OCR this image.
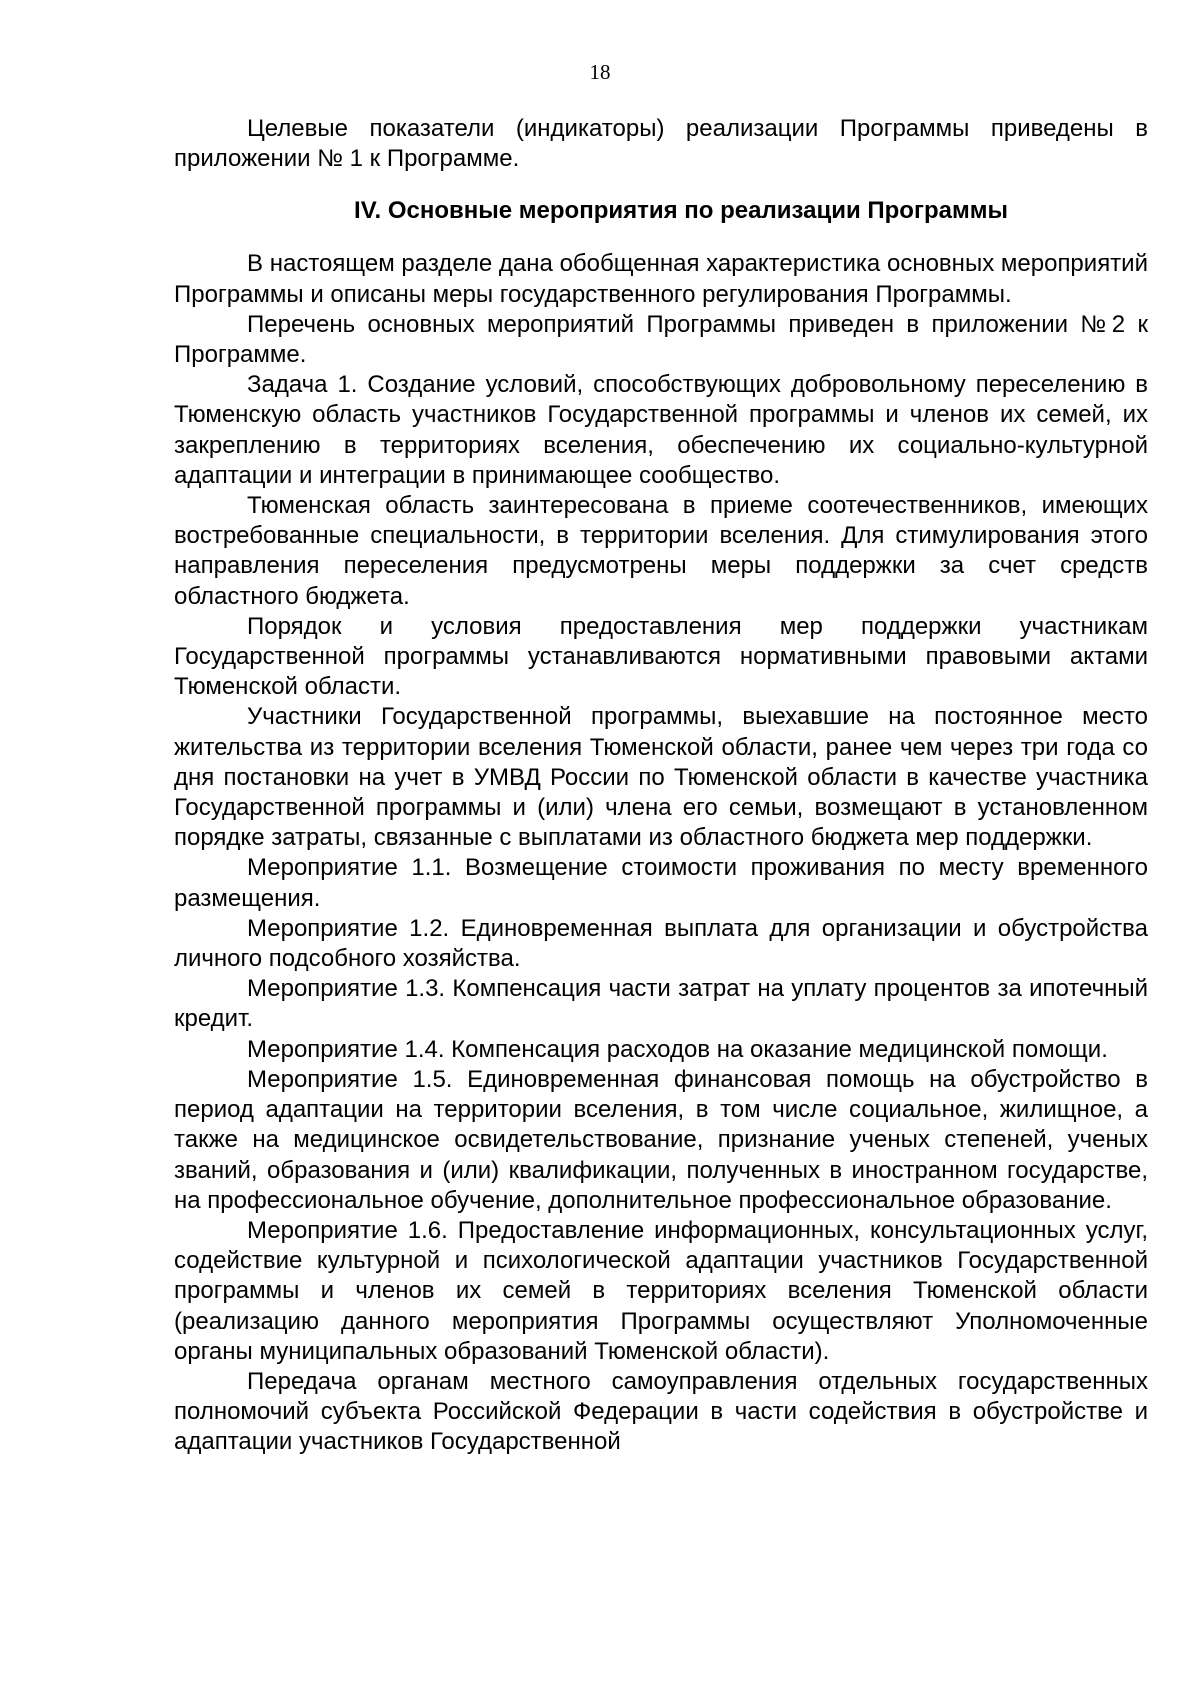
18

Целевые показатели (индикаторы) реализации Программы приведены в приложении № 1 к Программе.

IV. Основные мероприятия по реализации Программы

В настоящем разделе дана обобщенная характеристика основных мероприятий Программы и описаны меры государственного регулирования Программы.

Перечень основных мероприятий Программы приведен в приложении №2 к Программе.

Задача 1. Создание условий, способствующих добровольному переселению в Тюменскую область участников Государственной программы и членов их семей, их закреплению в территориях вселения, обеспечению их социально-культурной адаптации и интеграции в принимающее сообщество.

Тюменская область заинтересована в приеме соотечественников, имеющих востребованные специальности, в территории вселения. Для стимулирования этого направления переселения предусмотрены меры поддержки за счет средств областного бюджета.

Порядок и условия предоставления мер поддержки участникам Государственной программы устанавливаются нормативными правовыми актами Тюменской области.

Участники Государственной программы, выехавшие на постоянное место жительства из территории вселения Тюменской области, ранее чем через три года со дня постановки на учет в УМВД России по Тюменской области в качестве участника Государственной программы и (или) члена его семьи, возмещают в установленном порядке затраты, связанные с выплатами из областного бюджета мер поддержки.

Мероприятие 1.1. Возмещение стоимости проживания по месту временного размещения.

Мероприятие 1.2. Единовременная выплата для организации и обустройства личного подсобного хозяйства.

Мероприятие 1.3. Компенсация части затрат на уплату процентов за ипотечный кредит.

Мероприятие 1.4. Компенсация расходов на оказание медицинской помощи.

Мероприятие 1.5. Единовременная финансовая помощь на обустройство в период адаптации на территории вселения, в том числе социальное, жилищное, а также на медицинское освидетельствование, признание ученых степеней, ученых званий, образования и (или) квалификации, полученных в иностранном государстве, на профессиональное обучение, дополнительное профессиональное образование.

Мероприятие 1.6. Предоставление информационных, консультационных услуг, содействие культурной и психологической адаптации участников Государственной программы и членов их семей в территориях вселения Тюменской области (реализацию данного мероприятия Программы осуществляют Уполномоченные органы муниципальных образований Тюменской области).

Передача органам местного самоуправления отдельных государственных полномочий субъекта Российской Федерации в части содействия в обустройстве и адаптации участников Государственной
